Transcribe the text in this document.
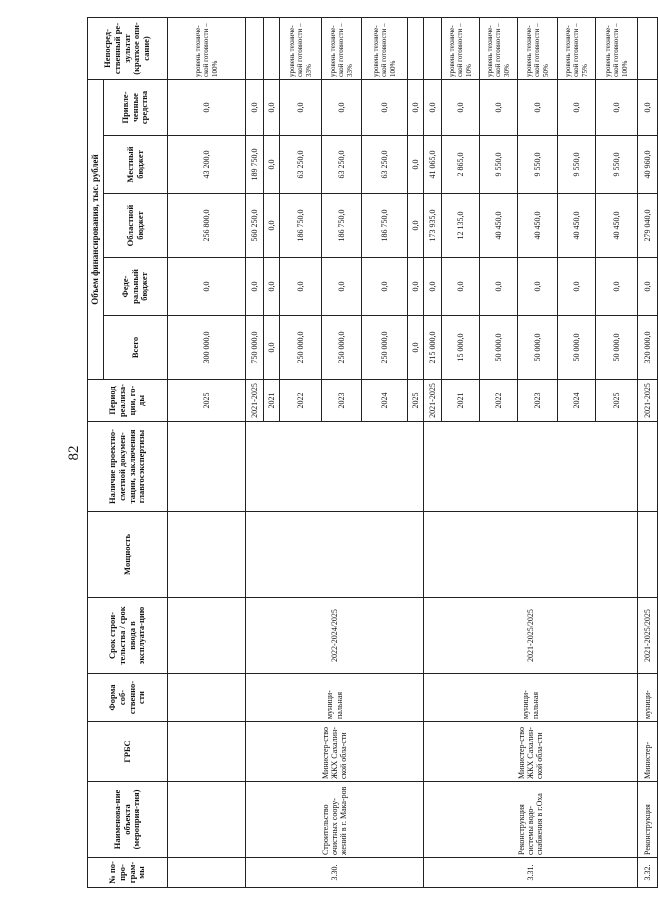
82
№ по-про-грам-мы	Наименова-ние объекта (мероприя-тия)	ГРБС	Форма соб-ственно-сти	Срок строи-тельства / срок ввода в эксплуата-цию	Мощность	Наличие проектно-сметной докумен-тации, заключения главгосэкспертизы	Период реализа-ции, го-ды	Объем финансирования, тыс. рублей					Непосред-ственный ре-зультат (краткое опи-сание)
								Всего	Феде-ральный бюджет	Областной бюджет	Местный бюджет	Привле-ченные средства	
							2025	300 000,0	0,0	256 800,0	43 200,0	0,0	уровень техниче-ской готовности – 100%
3.30.	Строительство очистных соору-жений в г. Мака-ров	Министер-ство ЖКХ Сахалин-ской обла-сти	муници-пальная	2022-2024/2025			2021-2025	750 000,0	0,0	560 250,0	189 750,0	0,0	
							2021	0,0	0,0	0,0	0,0	0,0	
							2022	250 000,0	0,0	186 750,0	63 250,0	0,0	уровень техниче-ской готовности – 33%
							2023	250 000,0	0,0	186 750,0	63 250,0	0,0	уровень техниче-ской готовности – 33%
							2024	250 000,0	0,0	186 750,0	63 250,0	0,0	уровень техниче-ской готовности – 100%
							2025	0,0	0,0	0,0	0,0	0,0	
3.31.	Реконструкция системы водо-снабжения в г.Оха	Министер-ство ЖКХ Сахалин-ской обла-сти	муници-пальная	2021-2025/2025			2021-2025	215 000,0	0,0	173 935,0	41 065,0	0,0	
							2021	15 000,0	0,0	12 135,0	2 865,0	0,0	уровень техниче-ской готовности – 10%
							2022	50 000,0	0,0	40 450,0	9 550,0	0,0	уровень техниче-ской готовности – 30%
							2023	50 000,0	0,0	40 450,0	9 550,0	0,0	уровень техниче-ской готовности – 50%
							2024	50 000,0	0,0	40 450,0	9 550,0	0,0	уровень техниче-ской готовности – 75%
							2025	50 000,0	0,0	40 450,0	9 550,0	0,0	уровень техниче-ской готовности – 100%
3.32.	Реконструкция	Министер-	муници-	2021-2025/2025			2021-2025	320 000,0	0,0	279 040,0	40 960,0	0,0	
